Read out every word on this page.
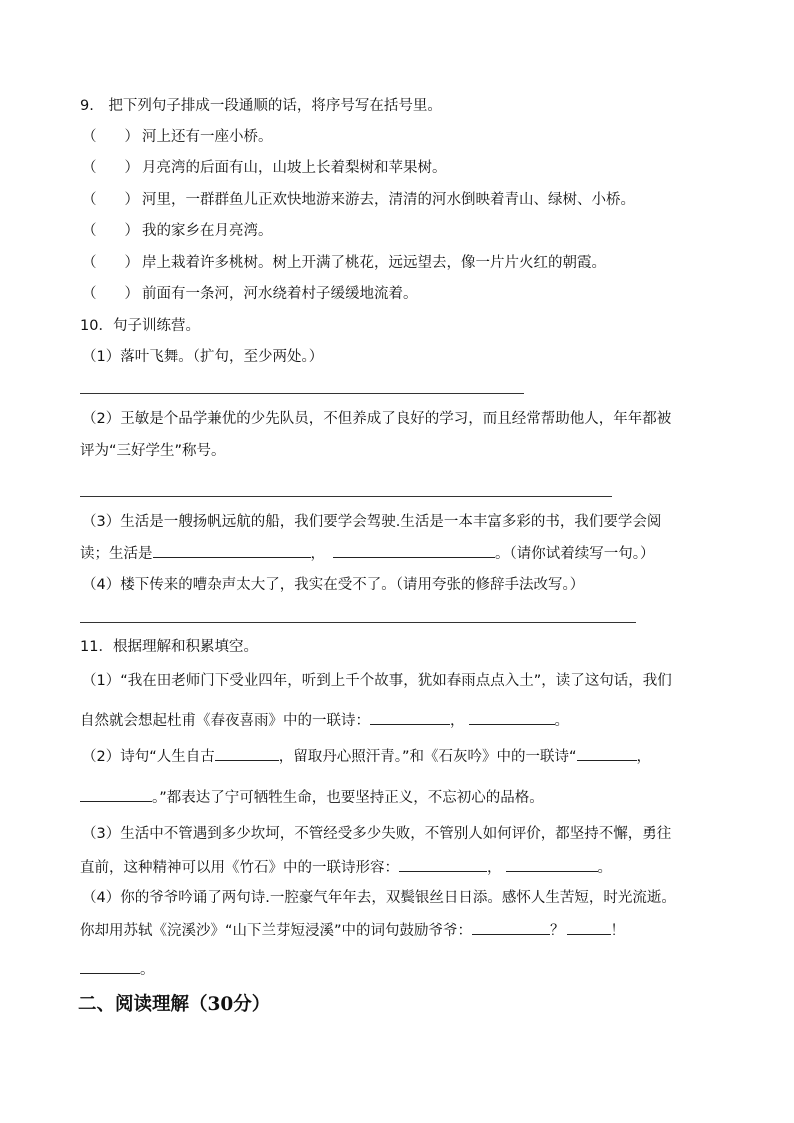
9.　把下列句子排成一段通顺的话，将序号写在括号里。
（ ） 河上还有一座小桥。
（ ） 月亮湾的后面有山，山坡上长着梨树和苹果树。
（ ） 河里，一群群鱼儿正欢快地游来游去，清清的河水倒映着青山、绿树、小桥。
（ ） 我的家乡在月亮湾。
（ ） 岸上栽着许多桃树。树上开满了桃花，远远望去，像一片片火红的朝霞。
（ ） 前面有一条河，河水绕着村子缓缓地流着。
10．句子训练营。
（1）落叶飞舞。（扩句，至少两处。）
（2）王敏是个品学兼优的少先队员，不但养成了良好的学习，而且经常帮助他人，年年都被
评为“三好学生”称号。
（3）生活是一艘扬帆远航的船，我们要学会驾驶.生活是一本丰富多彩的书，我们要学会阅
读；生活是	，	。（请你试着续写一句。）
（4）楼下传来的嘈杂声太大了，我实在受不了。（请用夸张的修辞手法改写。）
11．根据理解和积累填空。
（1）“我在田老师门下受业四年，听到上千个故事，犹如春雨点点入土”，读了这句话，我们
自然就会想起杜甫《春夜喜雨》中的一联诗：	，	。
（2）诗句“人生自古	，留取丹心照汗青。”和《石灰吟》中的一联诗“	，
。”都表达了宁可牺牲生命，也要坚持正义，不忘初心的品格。
（3）生活中不管遇到多少坎坷，不管经受多少失败，不管别人如何评价，都坚持不懈，勇往
直前，这种精神可以用《竹石》中的一联诗形容：	，	。
（4）你的爷爷吟诵了两句诗.一腔豪气年年去，双鬓银丝日日添。感怀人生苦短，时光流逝。
你却用苏轼《浣溪沙》“山下兰芽短浸溪”中的词句鼓励爷爷：	？	！
。
二、阅读理解（30分）
